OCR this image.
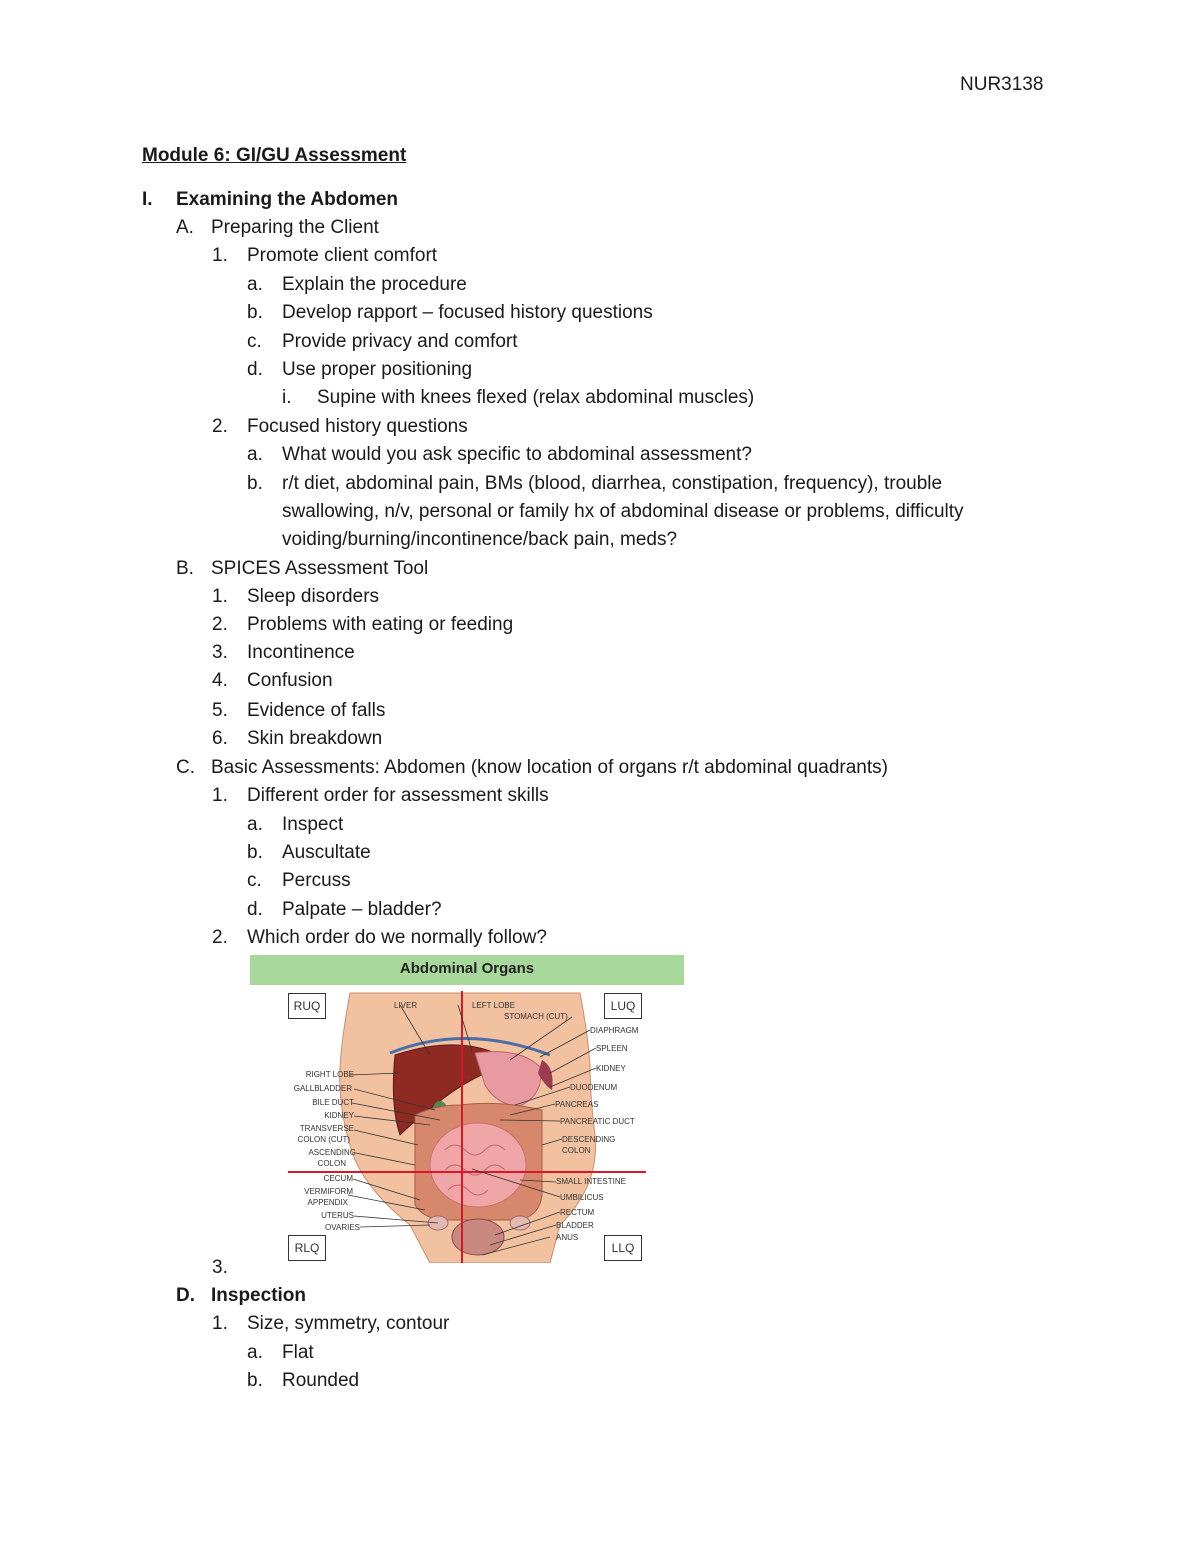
NUR3138
Module 6: GI/GU Assessment
I. Examining the Abdomen
A. Preparing the Client
1. Promote client comfort
a. Explain the procedure
b. Develop rapport – focused history questions
c. Provide privacy and comfort
d. Use proper positioning
i. Supine with knees flexed (relax abdominal muscles)
2. Focused history questions
a. What would you ask specific to abdominal assessment?
b. r/t diet, abdominal pain, BMs (blood, diarrhea, constipation, frequency), trouble
swallowing, n/v, personal or family hx of abdominal disease or problems, difficulty
voiding/burning/incontinence/back pain, meds?
B. SPICES Assessment Tool
1. Sleep disorders
2. Problems with eating or feeding
3. Incontinence
4. Confusion
5. Evidence of falls
6. Skin breakdown
C. Basic Assessments: Abdomen (know location of organs r/t abdominal quadrants)
1. Different order for assessment skills
a. Inspect
b. Auscultate
c. Percuss
d. Palpate – bladder?
2. Which order do we normally follow?
3.
D. Inspection
1. Size, symmetry, contour
a. Flat
b. Rounded
Abdominal Organs
RUQ	LUQ
RLQ	LLQ
LIVER	LEFT LOBE
STOMACH (CUT)
RIGHT LOBE
GALLBLADDER
BILE DUCT
KIDNEY
TRANSVERSE
COLON (CUT)
ASCENDING
COLON
CECUM
VERMIFORM
APPENDIX
UTERUS
OVARIES
DIAPHRAGM
SPLEEN
KIDNEY
DUODENUM
PANCREAS
PANCREATIC DUCT
DESCENDING
COLON
SMALL INTESTINE
UMBILICUS
RECTUM
BLADDER
ANUS
